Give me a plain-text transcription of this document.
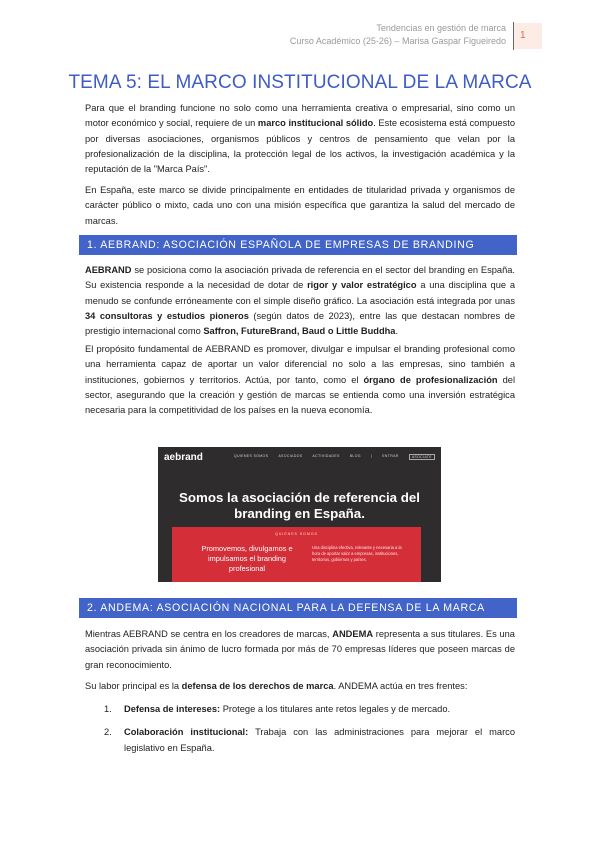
Tendencias en gestión de marca
Curso Académico (25-26) – Marisa Gaspar Figueiredo	1
TEMA 5: EL MARCO INSTITUCIONAL DE LA MARCA

Para que el branding funcione no solo como una herramienta creativa o empresarial, sino como un motor económico y social, requiere de un marco institucional sólido. Este ecosistema está compuesto por diversas asociaciones, organismos públicos y centros de pensamiento que velan por la profesionalización de la disciplina, la protección legal de los activos, la investigación académica y la reputación de la "Marca País".

En España, este marco se divide principalmente en entidades de titularidad privada y organismos de carácter público o mixto, cada uno con una misión específica que garantiza la salud del mercado de marcas.

1. AEBRAND: ASOCIACIÓN ESPAÑOLA DE EMPRESAS DE BRANDING

AEBRAND se posiciona como la asociación privada de referencia en el sector del branding en España. Su existencia responde a la necesidad de dotar de rigor y valor estratégico a una disciplina que a menudo se confunde erróneamente con el simple diseño gráfico. La asociación está integrada por unas 34 consultoras y estudios pioneros (según datos de 2023), entre las que destacan nombres de prestigio internacional como Saffron, FutureBrand, Baud o Little Buddha.

El propósito fundamental de AEBRAND es promover, divulgar e impulsar el branding profesional como una herramienta capaz de aportar un valor diferencial no solo a las empresas, sino también a instituciones, gobiernos y territorios. Actúa, por tanto, como el órgano de profesionalización del sector, asegurando que la creación y gestión de marcas se entienda como una inversión estratégica necesaria para la competitividad de los países en la nueva economía.

aebrand	QUIENES SOMOS	ASOCIADOS	ACTIVIDADES	BLOG	|	ENTRAR	ASOCIATE
Somos la asociación de referencia del
branding en España.
QUIENES SOMOS
Promovemos, divulgamos e impulsamos el branding profesional
Una disciplina efectiva, relevante y necesaria a la hora de aportar valor a empresas, instituciones, territorios, gobiernos y países.
2. ANDEMA: ASOCIACIÓN NACIONAL PARA LA DEFENSA DE LA MARCA

Mientras AEBRAND se centra en los creadores de marcas, ANDEMA representa a sus titulares. Es una asociación privada sin ánimo de lucro formada por más de 70 empresas líderes que poseen marcas de gran reconocimiento.

Su labor principal es la defensa de los derechos de marca. ANDEMA actúa en tres frentes:

1. Defensa de intereses: Protege a los titulares ante retos legales y de mercado.
2. Colaboración institucional: Trabaja con las administraciones para mejorar el marco legislativo en España.
